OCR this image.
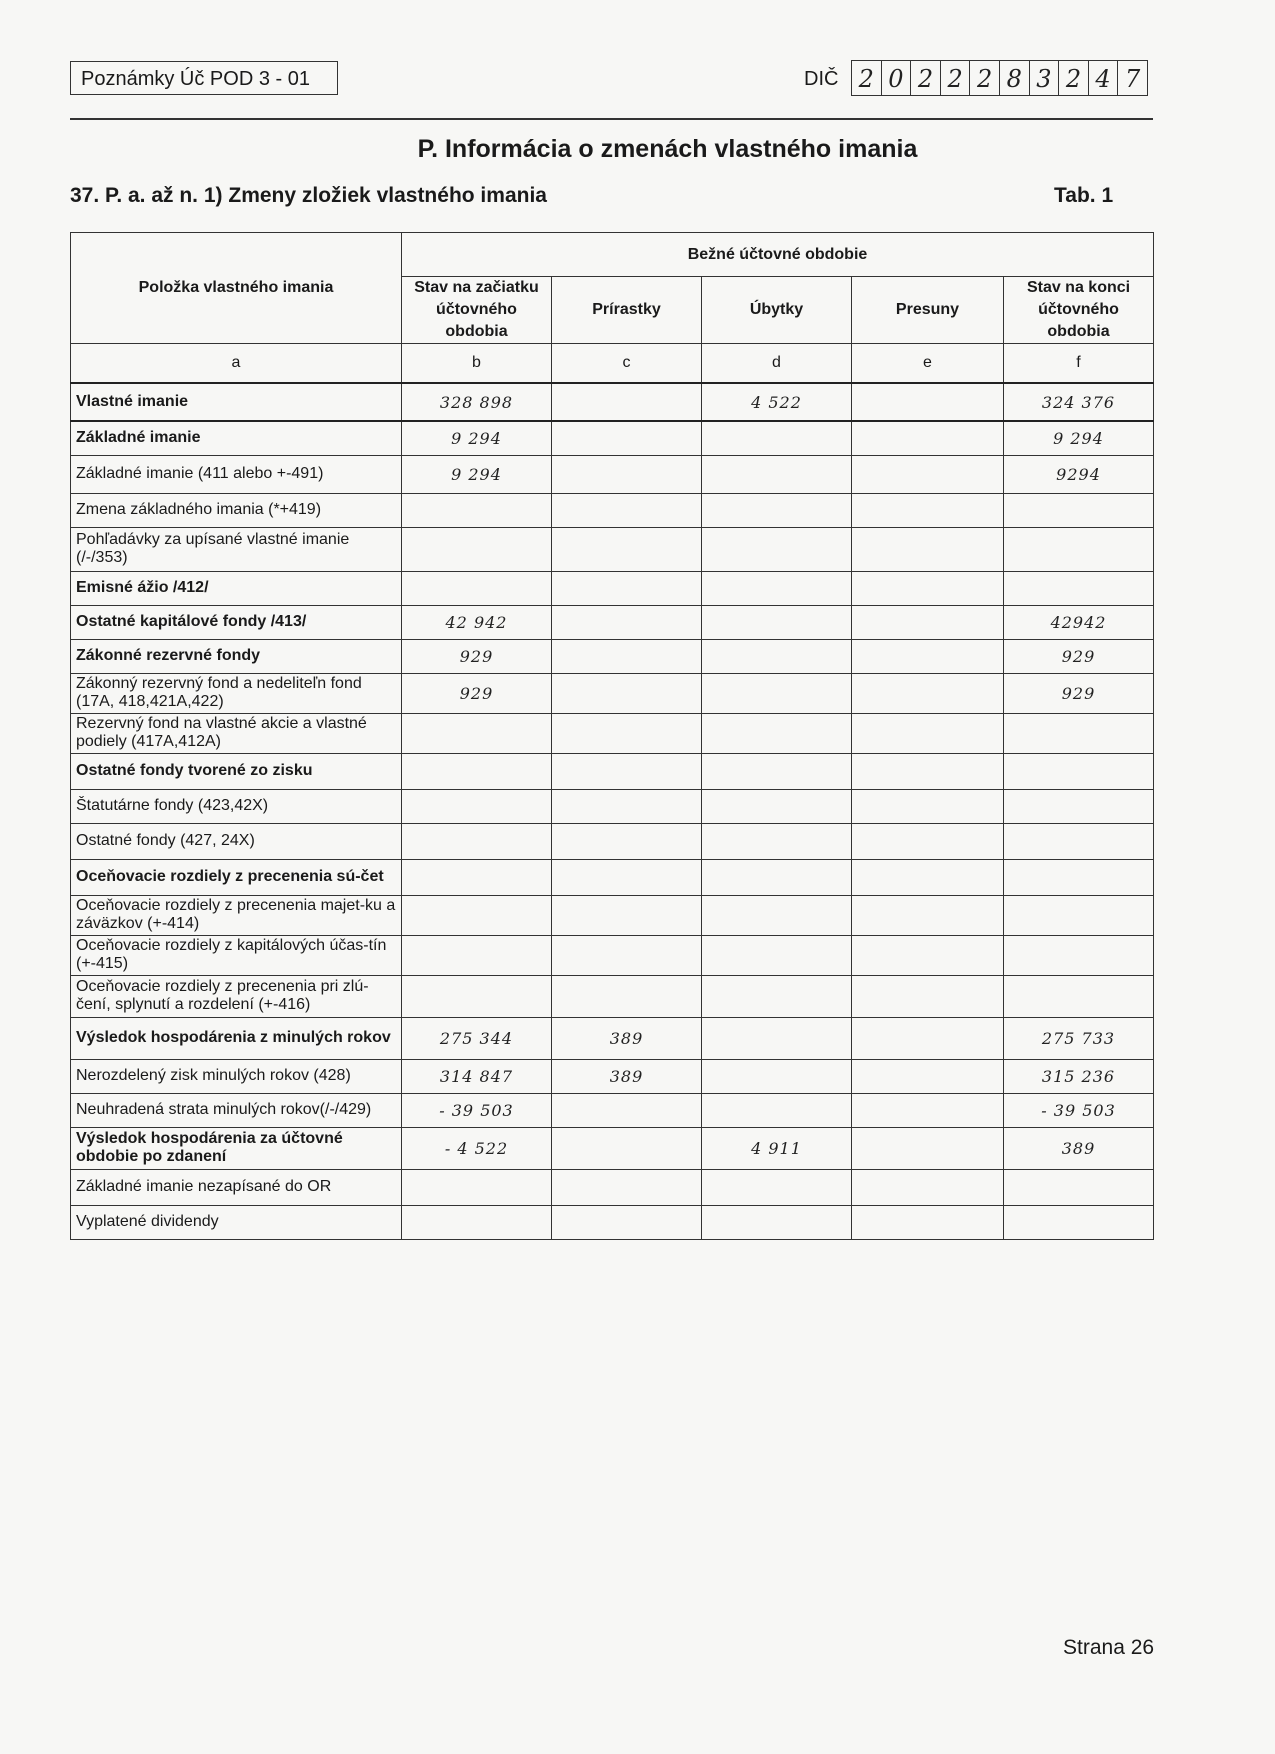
Poznámky Úč POD 3 - 01	DIČ 2 0 2 2 2 8 3 2 4 7
P. Informácia o zmenách vlastného imania
37. P. a. až n. 1) Zmeny zložiek vlastného imania	Tab. 1
Položka vlastného imania	Bežné účtovné obdobie				
	Stav na začiatku účtovného obdobia	Prírastky	Úbytky	Presuny	Stav na konci účtovného obdobia
a	b	c	d	e	f
Vlastné imanie	328 898		4 522		324 376
Základné imanie	9 294				9 294
Základné imanie (411 alebo +-491)	9 294				9294
Zmena základného imania (*+419)					
Pohľadávky za upísané vlastné imanie (/-/353)					
Emisné ážio /412/					
Ostatné kapitálové fondy /413/	42 942				42942
Zákonné rezervné fondy	929				929
Zákonný rezervný fond a nedeliteľn fond (17A, 418,421A,422)	929				929
Rezervný fond na vlastné akcie a vlastné podiely (417A,412A)					
Ostatné fondy tvorené zo zisku					
Štatutárne fondy (423,42X)					
Ostatné fondy (427, 24X)					
Oceňovacie rozdiely z precenenia sú-čet					
Oceňovacie rozdiely z precenenia majet-ku a záväzkov (+-414)					
Oceňovacie rozdiely z kapitálových účas-tín (+-415)					
Oceňovacie rozdiely z precenenia pri zlú-čení, splynutí a rozdelení (+-416)					
Výsledok hospodárenia z minulých rokov	275 344	389			275 733
Nerozdelený zisk minulých rokov (428)	314 847	389			315 236
Neuhradená strata minulých rokov(/-/429)	- 39 503				- 39 503
Výsledok hospodárenia za účtovné obdobie po zdanení	- 4 522		4 911		389
Základné imanie nezapísané do OR					
Vyplatené dividendy					
Strana 26
